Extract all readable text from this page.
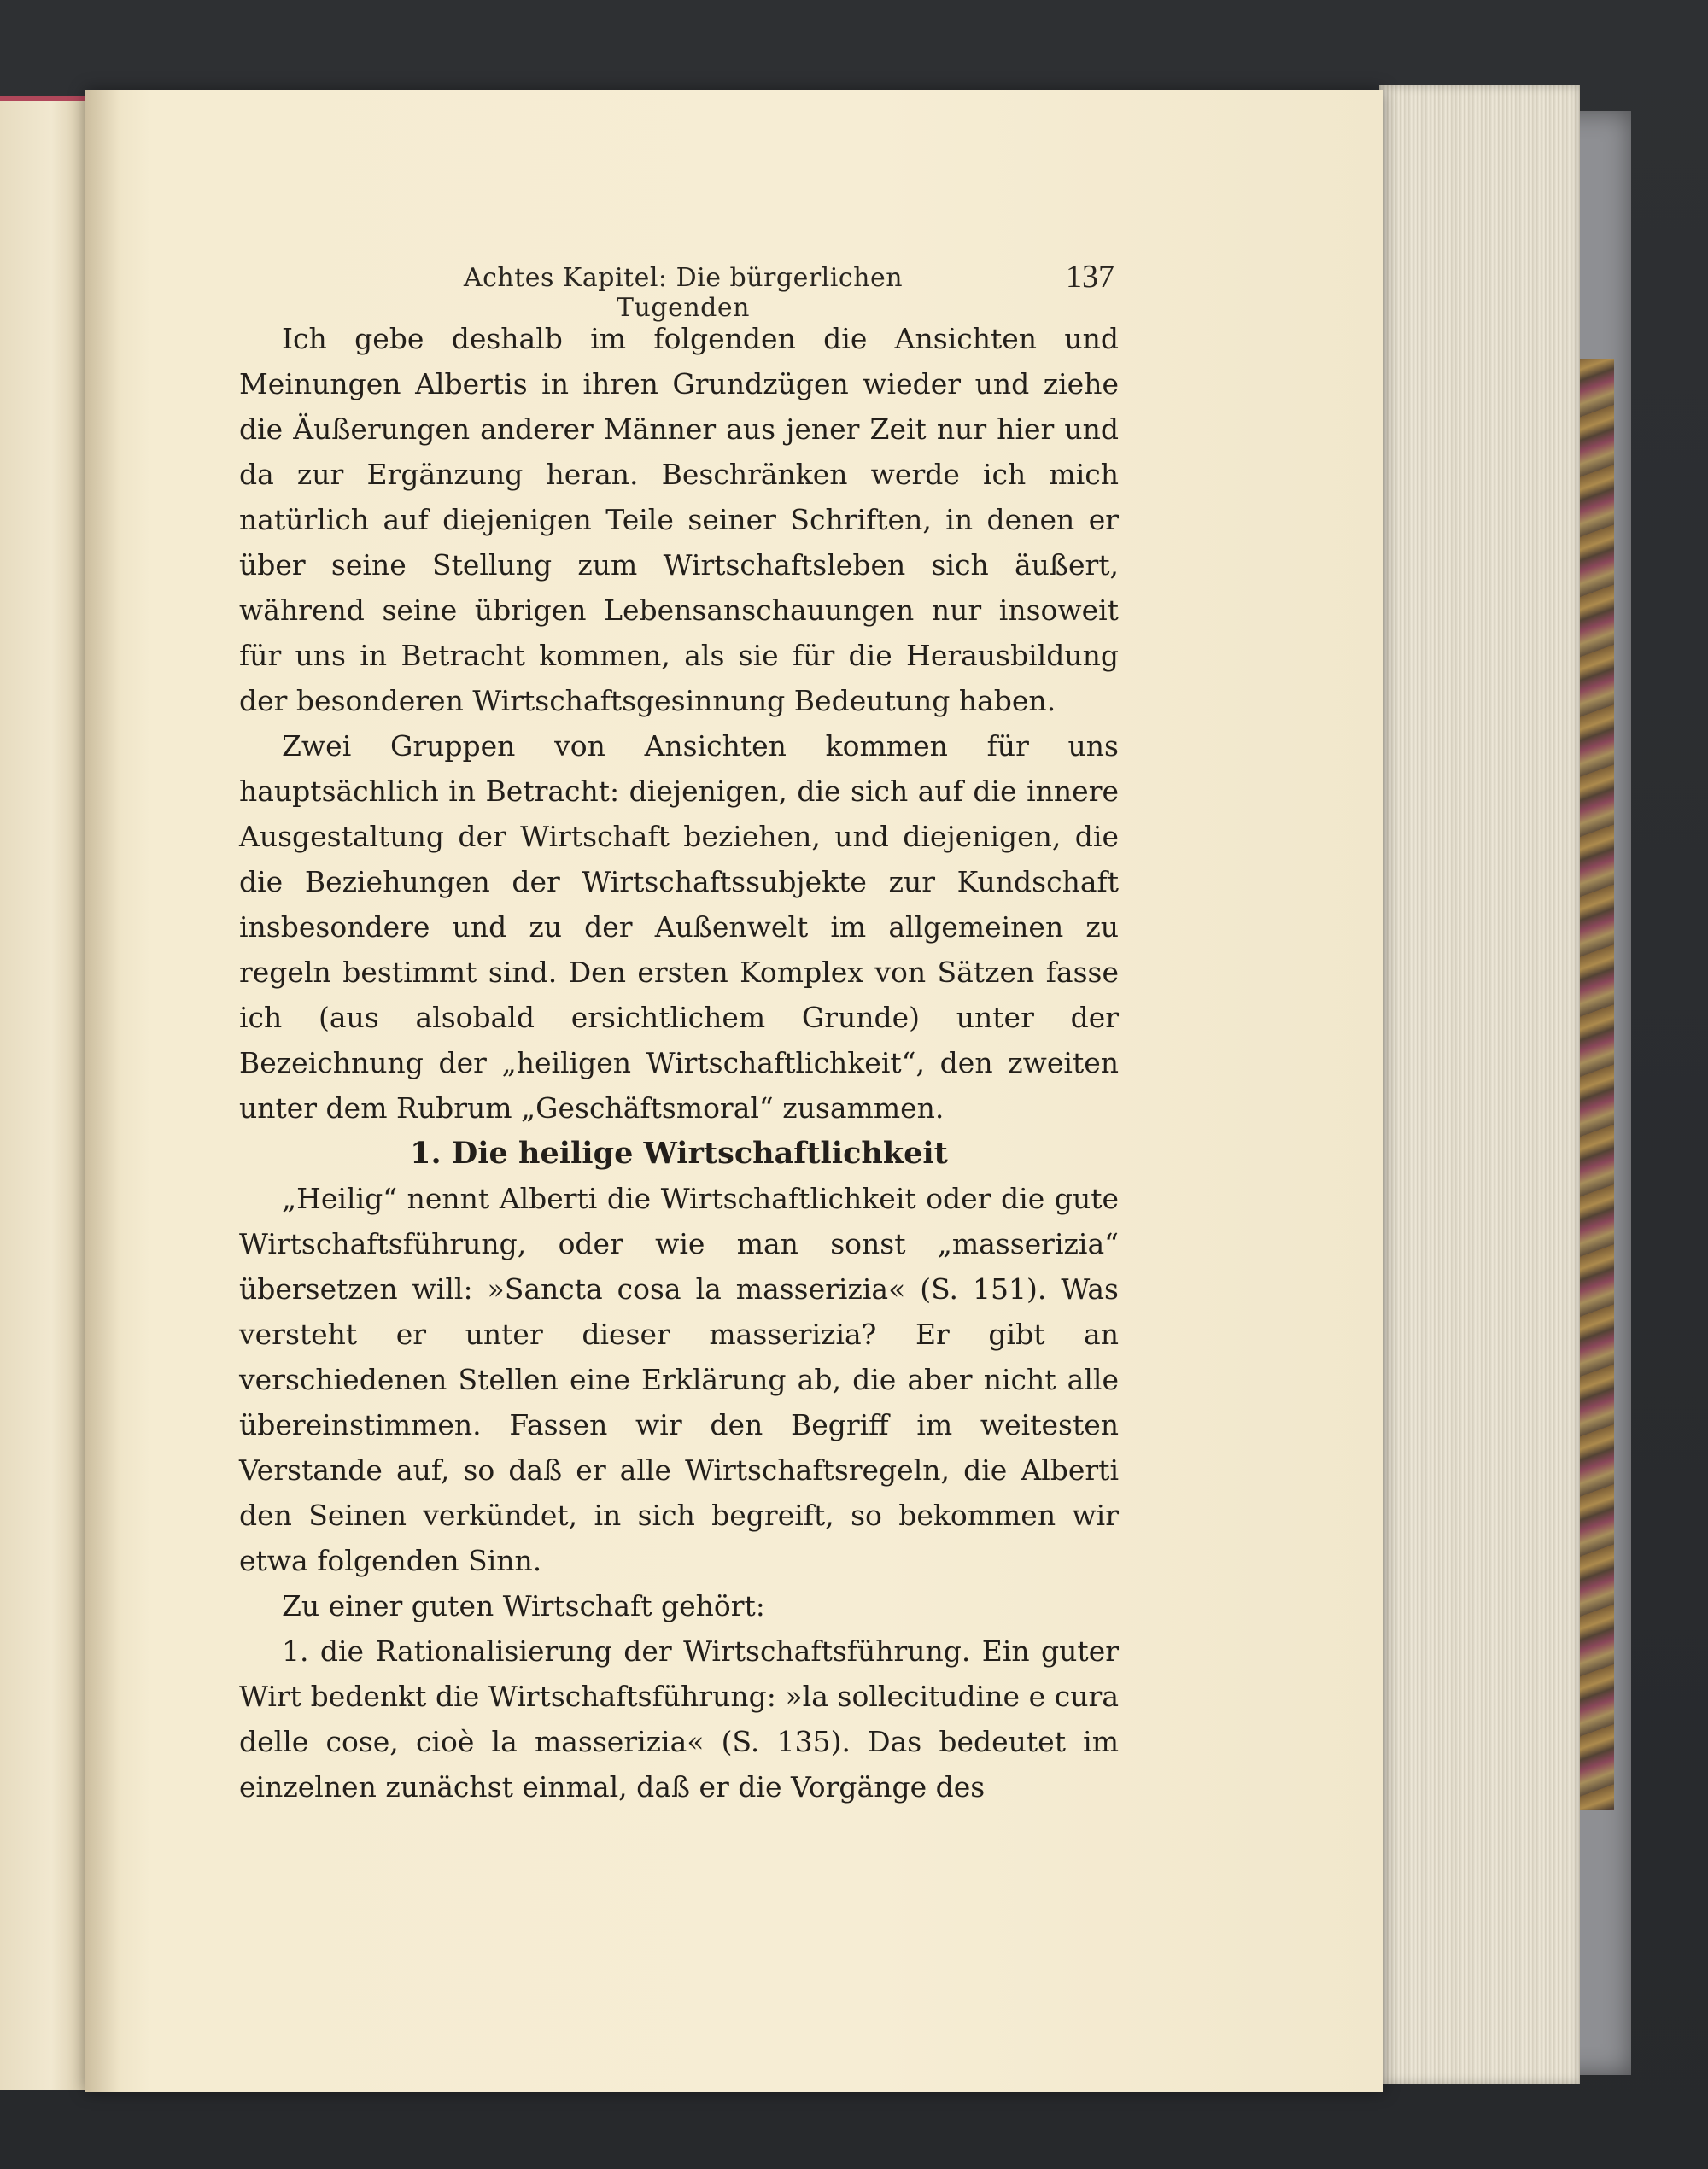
Achtes Kapitel: Die bürgerlichen Tugenden
137

Ich gebe deshalb im folgenden die Ansichten und Meinungen Albertis in ihren Grundzügen wieder und ziehe die Äußerungen anderer Männer aus jener Zeit nur hier und da zur Ergänzung heran. Beschränken werde ich mich natürlich auf diejenigen Teile seiner Schriften, in denen er über seine Stellung zum Wirtschaftsleben sich äußert, während seine übrigen Lebensanschauungen nur insoweit für uns in Betracht kommen, als sie für die Herausbildung der besonderen Wirtschaftsgesinnung Bedeutung haben.

Zwei Gruppen von Ansichten kommen für uns hauptsächlich in Betracht: diejenigen, die sich auf die innere Ausgestaltung der Wirtschaft beziehen, und diejenigen, die die Beziehungen der Wirtschaftssubjekte zur Kundschaft insbesondere und zu der Außenwelt im allgemeinen zu regeln bestimmt sind. Den ersten Komplex von Sätzen fasse ich (aus alsobald ersichtlichem Grunde) unter der Bezeichnung der „heiligen Wirtschaftlichkeit“, den zweiten unter dem Rubrum „Geschäftsmoral“ zusammen.

1. Die heilige Wirtschaftlichkeit

„Heilig“ nennt Alberti die Wirtschaftlichkeit oder die gute Wirtschaftsführung, oder wie man sonst „masserizia“ übersetzen will: »Sancta cosa la masserizia« (S. 151). Was versteht er unter dieser masserizia? Er gibt an verschiedenen Stellen eine Erklärung ab, die aber nicht alle übereinstimmen. Fassen wir den Begriff im weitesten Verstande auf, so daß er alle Wirtschaftsregeln, die Alberti den Seinen verkündet, in sich begreift, so bekommen wir etwa folgenden Sinn.

Zu einer guten Wirtschaft gehört:

1. die Rationalisierung der Wirtschaftsführung. Ein guter Wirt bedenkt die Wirtschaftsführung: »la sollecitudine e cura delle cose, cioè la masserizia« (S. 135). Das bedeutet im einzelnen zunächst einmal, daß er die Vorgänge des
